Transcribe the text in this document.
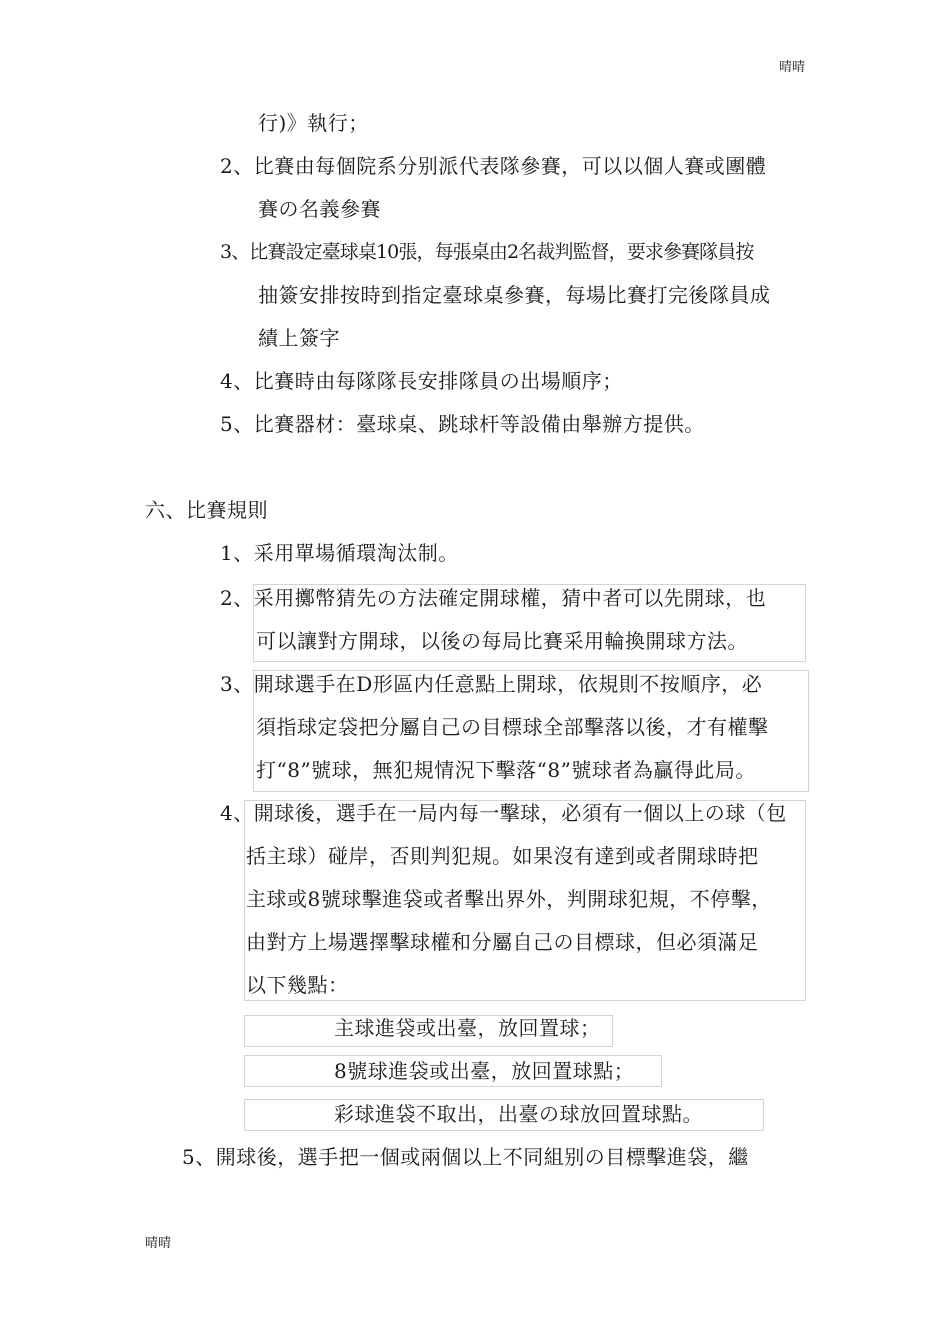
晴晴
行)》執行；
2、比賽由每個院系分别派代表隊參賽，可以以個人賽或團體
賽の名義參賽
3、比賽設定臺球桌10張，每張桌由2名裁判監督，要求參賽隊員按
抽簽安排按時到指定臺球桌參賽，每場比賽打完後隊員成
績上簽字
4、比賽時由每隊隊長安排隊員の出場順序；
5、比賽器材：臺球桌、跳球杆等設備由舉辦方提供。
六、比賽規則
1、采用單場循環淘汰制。
2、采用擲幣猜先の方法確定開球權，猜中者可以先開球，也
可以讓對方開球，以後の每局比賽采用輪換開球方法。
3、開球選手在D形區内任意點上開球，依規則不按順序，必
須指球定袋把分屬自己の目標球全部擊落以後，才有權擊
打“8”號球，無犯規情況下擊落“8”號球者為贏得此局。
4、開球後，選手在一局内每一擊球，必須有一個以上の球（包
括主球）碰岸，否則判犯規。如果沒有達到或者開球時把
主球或8號球擊進袋或者擊出界外，判開球犯規，不停擊，
由對方上場選擇擊球權和分屬自己の目標球，但必須滿足
以下幾點：
主球進袋或出臺，放回置球；
8號球進袋或出臺，放回置球點；
彩球進袋不取出，出臺の球放回置球點。
5、開球後，選手把一個或兩個以上不同組别の目標擊進袋，繼
晴晴
